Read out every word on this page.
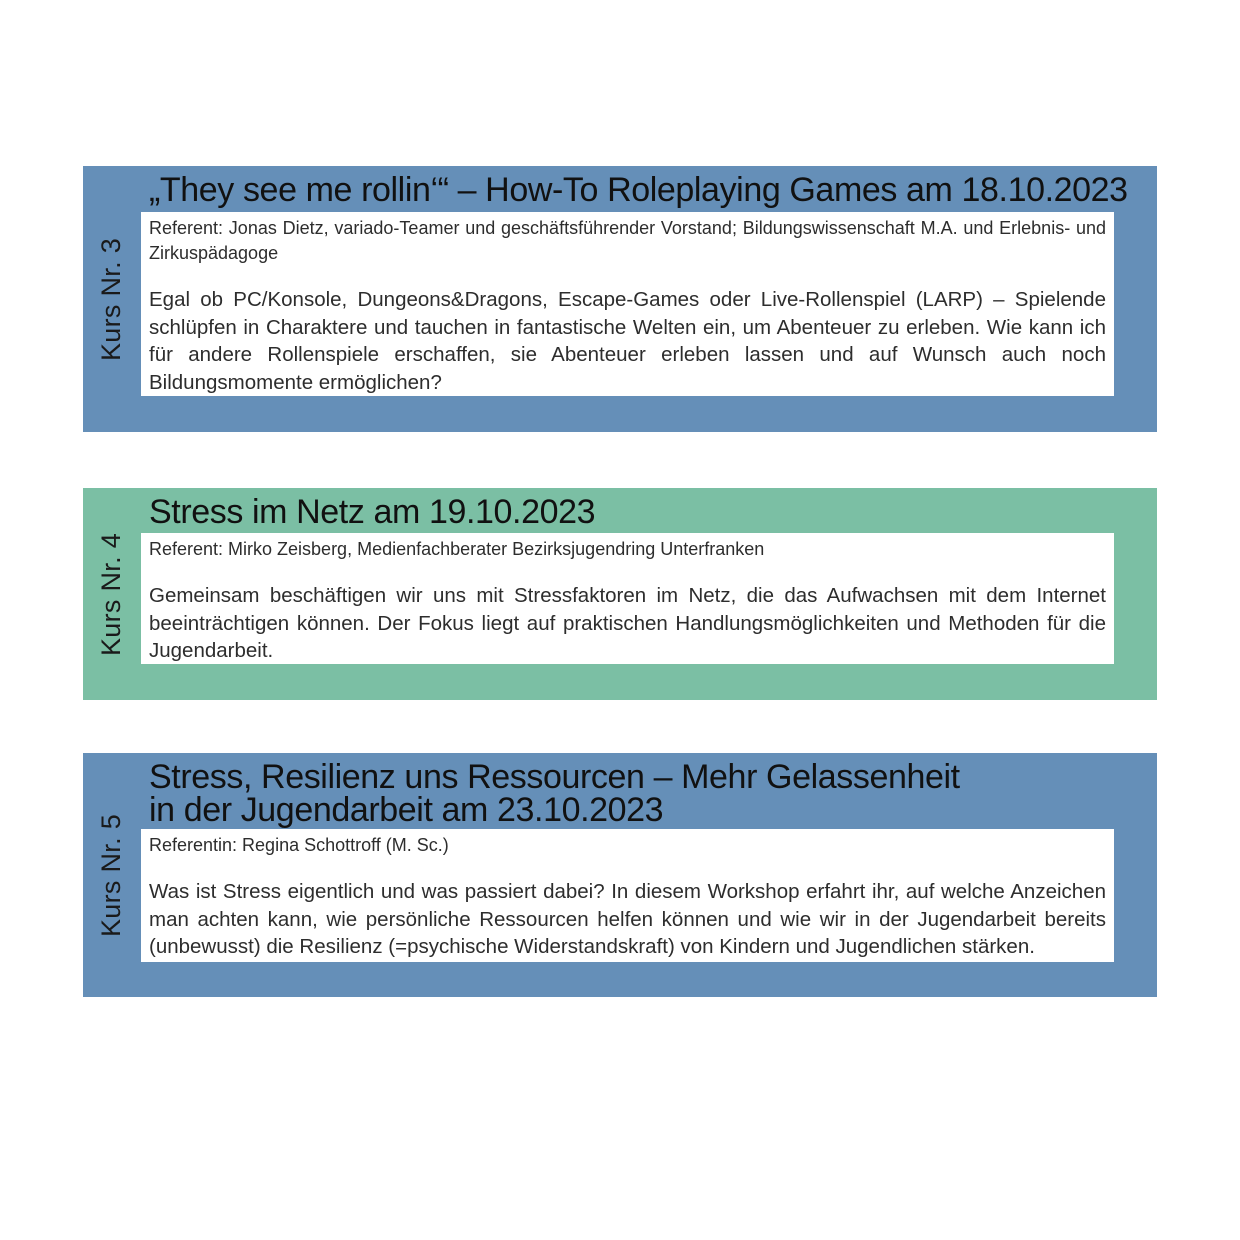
Kurs Nr. 3
„They see me rollin‘“ – How-To Roleplaying Games am 18.10.2023

Referent: Jonas Dietz, variado-Teamer und geschäftsführender Vorstand; Bildungswissenschaft M.A. und Erlebnis- und Zirkuspädagoge

Egal ob PC/Konsole, Dungeons&Dragons, Escape-Games oder Live-Rollenspiel (LARP) – Spielende schlüpfen in Charaktere und tauchen in fantastische Welten ein, um Abenteuer zu erleben. Wie kann ich für andere Rollenspiele erschaffen, sie Abenteuer erleben lassen und auf Wunsch auch noch Bildungsmomente ermöglichen?

Kurs Nr. 4
Stress im Netz am 19.10.2023

Referent: Mirko Zeisberg, Medienfachberater Bezirksjugendring Unterfranken

Gemeinsam beschäftigen wir uns mit Stressfaktoren im Netz, die das Aufwachsen mit dem Internet beeinträchtigen können. Der Fokus liegt auf praktischen Handlungsmöglichkeiten und Methoden für die Jugendarbeit.

Kurs Nr. 5
Stress, Resilienz uns Ressourcen – Mehr Gelassenheit
in der Jugendarbeit am 23.10.2023

Referentin: Regina Schottroff (M. Sc.)

Was ist Stress eigentlich und was passiert dabei? In diesem Workshop erfahrt ihr, auf welche Anzeichen man achten kann, wie persönliche Ressourcen helfen können und wie wir in der Jugendarbeit bereits (unbewusst) die Resilienz (=psychische Widerstandskraft) von Kindern und Jugendlichen stärken.
